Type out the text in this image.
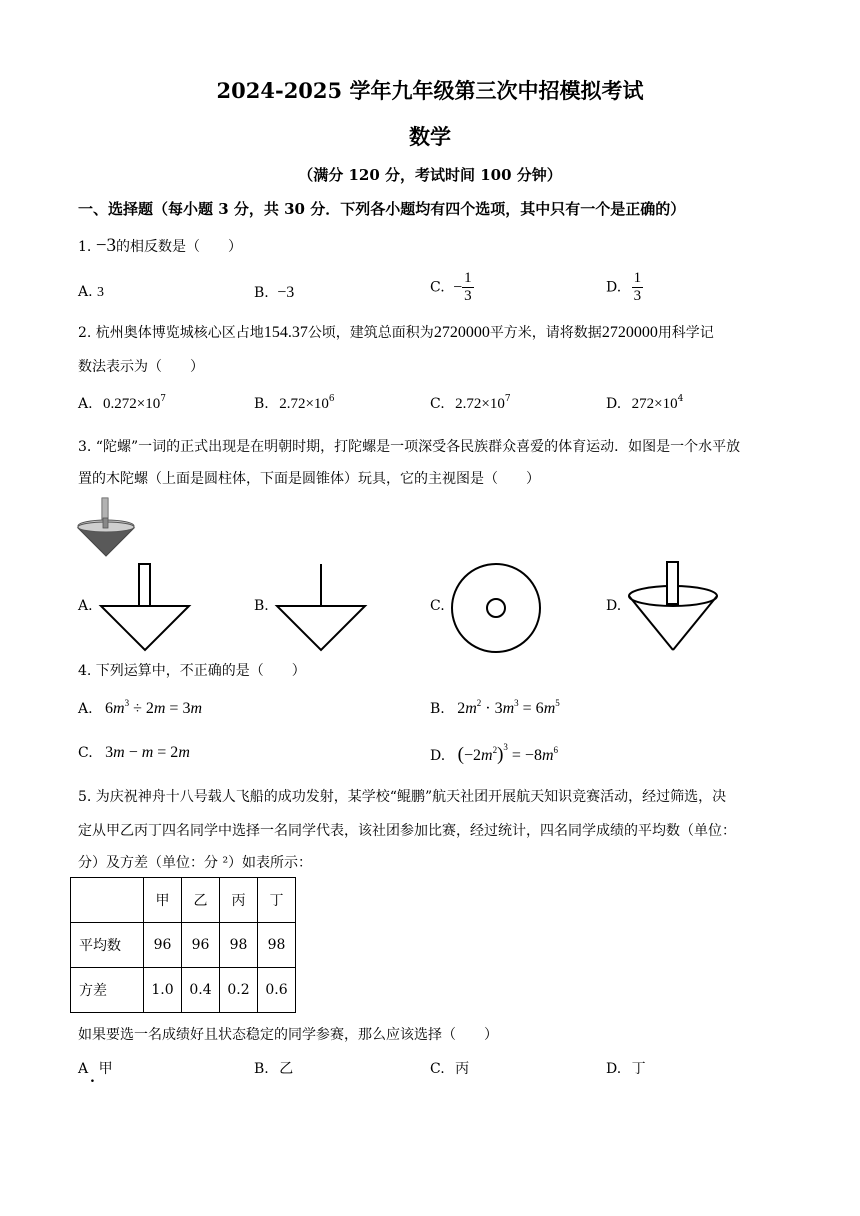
2024-2025 学年九年级第三次中招模拟考试
数学
（满分 120 分，考试时间 100 分钟）
一、选择题（每小题 3 分，共 30 分．下列各小题均有四个选项，其中只有一个是正确的）
1. −3的相反数是（　　）
A. 3	B. −3	C. − $\frac{1}{3}$	D. $\frac{1}{3}$
2. 杭州奥体博览城核心区占地154.37公顷，建筑总面积为2720000平方米，请将数据2720000用科学记
数法表示为（　　）
A. $0.272\times 10^7$	B. $2.72\times 10^6$	C. $2.72\times 10^7$	D. $272\times 10^4$
3. “陀螺”一词的正式出现是在明朝时期，打陀螺是一项深受各民族群众喜爱的体育运动．如图是一个水平放
置的木陀螺（上面是圆柱体，下面是圆锥体）玩具，它的主视图是（　　）
A.	B.	C.	D.
4. 下列运算中，不正确的是（　　）
A. $6m^3 \div 2m = 3m$	B. $2m^2 \cdot 3m^3 = 6m^5$
C. 3m − m = 2m	D. $(-2m^2)^3 = -8m^6$
5. 为庆祝神舟十八号载人飞船的成功发射，某学校“鲲鹏”航天社团开展航天知识竞赛活动，经过筛选，决
定从甲乙丙丁四名同学中选择一名同学代表，该社团参加比赛，经过统计，四名同学成绩的平均数（单位：
分）及方差（单位：分 ²）如表所示：
	甲	乙	丙	丁
平均数	96	96	98	98
方差	1.0	0.4	0.2	0.6
如果要选一名成绩好且状态稳定的同学参赛，那么应该选择（　　）
A 甲
.
B. 乙	C. 丙	D. 丁
